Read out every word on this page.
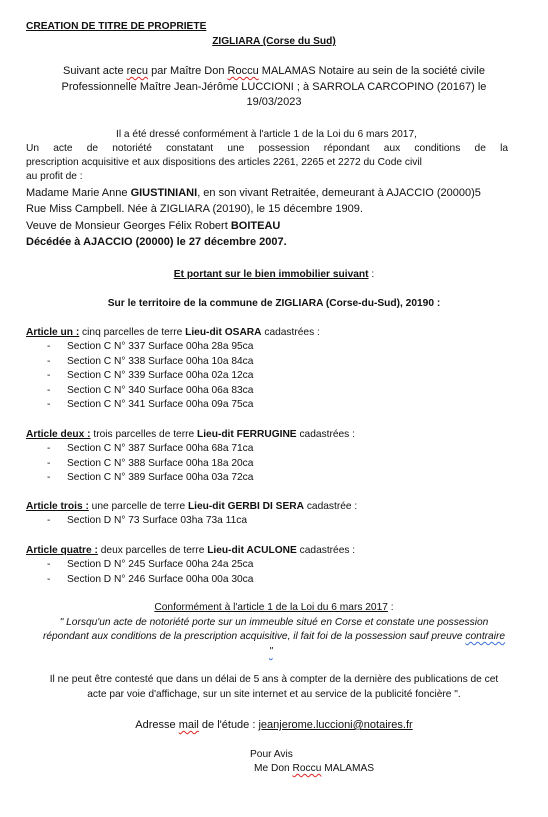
CREATION DE TITRE DE PROPRIETE
ZIGLIARA (Corse du Sud)
Suivant acte recu par Maître Don Roccu MALAMAS Notaire au sein de la société civile
Professionnelle Maître Jean-Jérôme LUCCIONI ; à SARROLA CARCOPINO (20167) le
19/03/2023
Il a été dressé conformément à l'article 1 de la Loi du 6 mars 2017,
Un acte de notoriété constatant une possession répondant aux conditions de la
prescription acquisitive et aux dispositions des articles 2261, 2265 et 2272 du Code civil
au profit de :
Madame Marie Anne GIUSTINIANI, en son vivant Retraitée, demeurant à AJACCIO (20000)5
Rue Miss Campbell. Née à ZIGLIARA (20190), le 15 décembre 1909.
Veuve de Monsieur Georges Félix Robert BOITEAU
Décédée à AJACCIO (20000) le 27 décembre 2007.
Et portant sur le bien immobilier suivant :
Sur le territoire de la commune de ZIGLIARA (Corse-du-Sud), 20190 :
Article un : cinq parcelles de terre Lieu-dit OSARA cadastrées :
- Section C N° 337 Surface 00ha 28a 95ca
- Section C N° 338 Surface 00ha 10a 84ca
- Section C N° 339 Surface 00ha 02a 12ca
- Section C N° 340 Surface 00ha 06a 83ca
- Section C N° 341 Surface 00ha 09a 75ca
Article deux : trois parcelles de terre Lieu-dit FERRUGINE cadastrées :
- Section C N° 387 Surface 00ha 68a 71ca
- Section C N° 388 Surface 00ha 18a 20ca
- Section C N° 389 Surface 00ha 03a 72ca
Article trois : une parcelle de terre Lieu-dit GERBI DI SERA cadastrée :
- Section D N° 73 Surface 03ha 73a 11ca
Article quatre : deux parcelles de terre Lieu-dit ACULONE cadastrées :
- Section D N° 245 Surface 00ha 24a 25ca
- Section D N° 246 Surface 00ha 00a 30ca
Conformément à l'article 1 de la Loi du 6 mars 2017 :
" Lorsqu'un acte de notoriété porte sur un immeuble situé en Corse et constate une possession
répondant aux conditions de la prescription acquisitive, il fait foi de la possession sauf preuve contraire
"
Il ne peut être contesté que dans un délai de 5 ans à compter de la dernière des publications de cet
acte par voie d'affichage, sur un site internet et au service de la publicité foncière ".
Adresse mail de l'étude : jeanjerome.luccioni@notaires.fr
Pour Avis
Me Don Roccu MALAMAS
